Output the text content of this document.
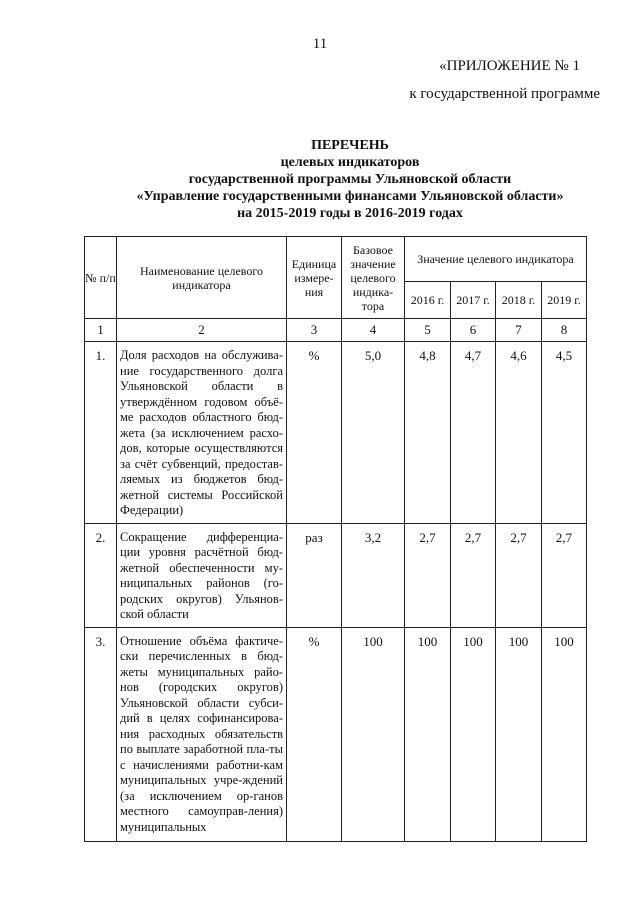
11
«ПРИЛОЖЕНИЕ № 1
к государственной программе
ПЕРЕЧЕНЬ
целевых индикаторов
государственной программы Ульяновской области
«Управление государственными финансами Ульяновской области»
на 2015-2019 годы в 2016-2019 годах
№ п/п	Наименование целевого индикатора	Единица измере-ния	Базовое значение целевого индика-тора	Значение целевого индикатора			
				2016 г.	2017 г.	2018 г.	2019 г.
1	2	3	4	5	6	7	8
1.	Доля расходов на обслужива-ние государственного долга Ульяновской области в утверждённом годовом объё-ме расходов областного бюд-жета (за исключением расхо-дов, которые осуществляются за счёт субвенций, предостав-ляемых из бюджетов бюд-жетной системы Российской Федерации)	%	5,0	4,8	4,7	4,6	4,5
2.	Сокращение дифференциа-ции уровня расчётной бюд-жетной обеспеченности му-ниципальных районов (го-родских округов) Ульянов-ской области	раз	3,2	2,7	2,7	2,7	2,7
3.	Отношение объёма фактиче-ски перечисленных в бюд-жеты муниципальных райо-нов (городских округов) Ульяновской области субси-дий в целях софинансирова-ния расходных обязательств по выплате заработной пла-ты с начислениями работни-кам муниципальных учре-ждений (за исключением ор-ганов местного самоуправ-ления) муниципальных	%	100	100	100	100	100
